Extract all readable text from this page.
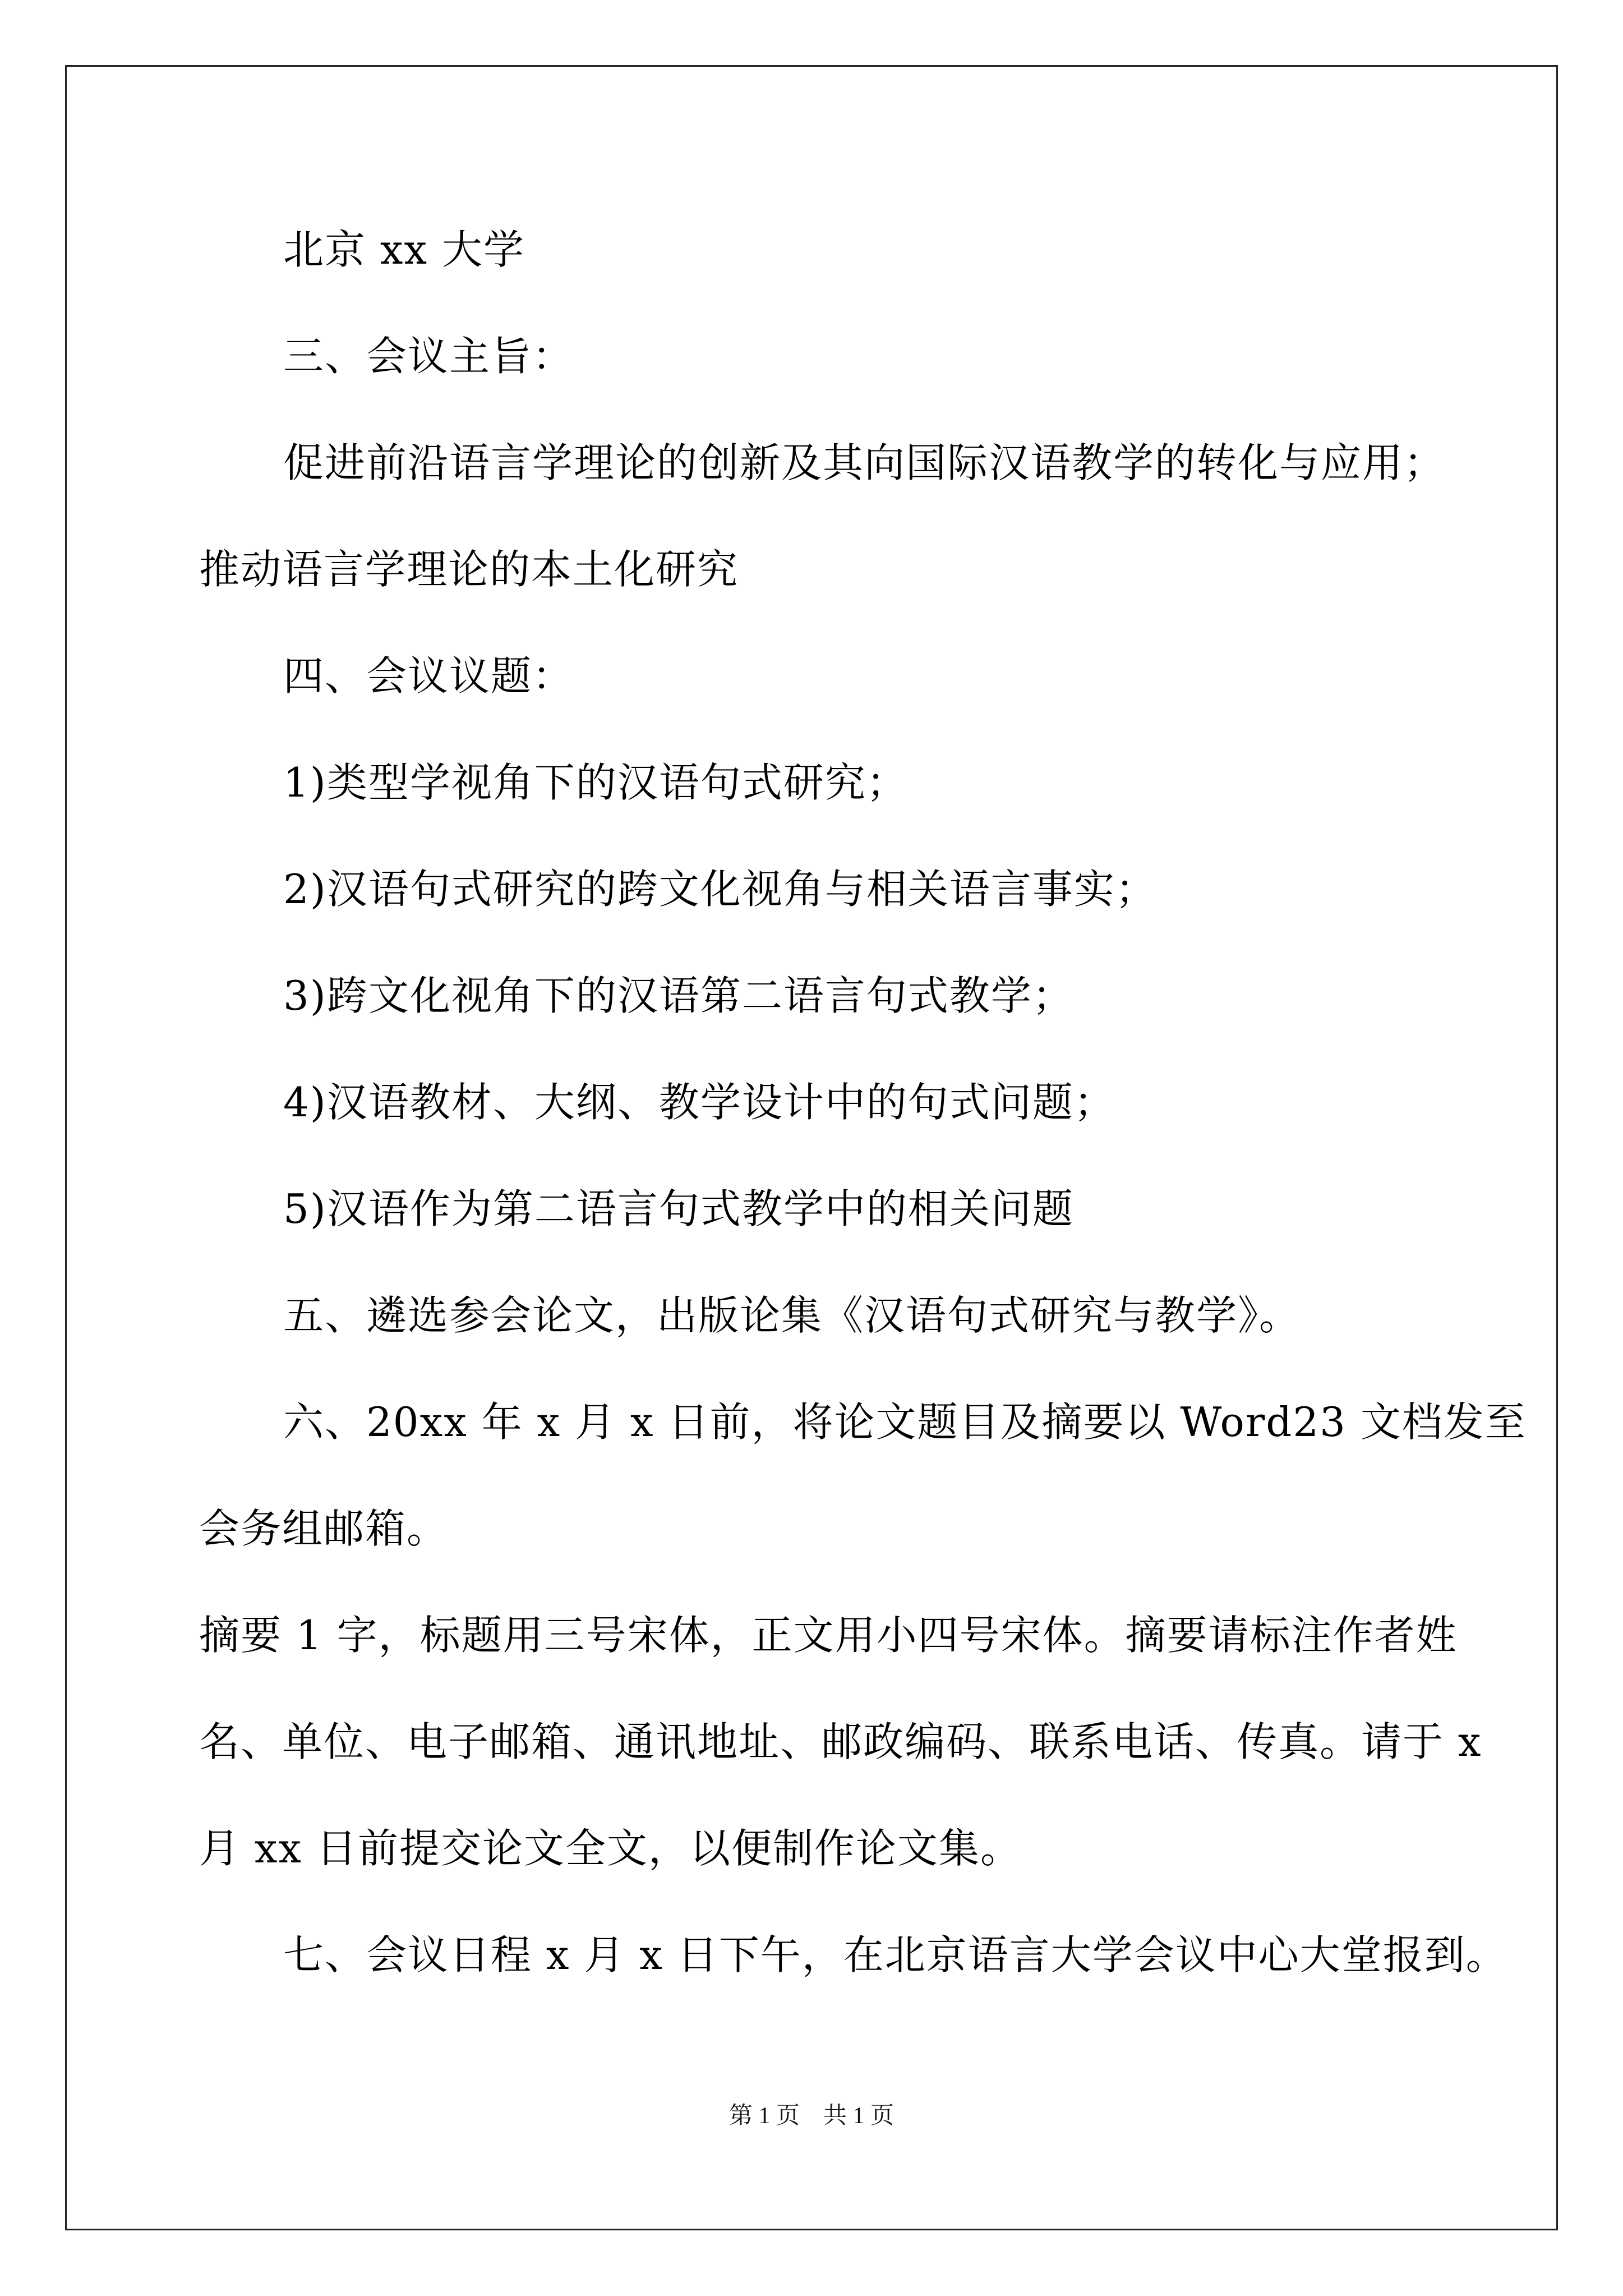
北京 xx 大学
三、会议主旨：
促进前沿语言学理论的创新及其向国际汉语教学的转化与应用；
推动语言学理论的本土化研究
四、会议议题：
1)类型学视角下的汉语句式研究；
2)汉语句式研究的跨文化视角与相关语言事实；
3)跨文化视角下的汉语第二语言句式教学；
4)汉语教材、大纲、教学设计中的句式问题；
5)汉语作为第二语言句式教学中的相关问题
五、遴选参会论文，出版论集《汉语句式研究与教学》。
六、20xx 年 x 月 x 日前，将论文题目及摘要以 Word23 文档发至
会务组邮箱。
摘要 1 字，标题用三号宋体，正文用小四号宋体。摘要请标注作者姓
名、单位、电子邮箱、通讯地址、邮政编码、联系电话、传真。请于 x
月 xx 日前提交论文全文，以便制作论文集。
七、会议日程 x 月 x 日下午，在北京语言大学会议中心大堂报到。
第 1 页　共 1 页
